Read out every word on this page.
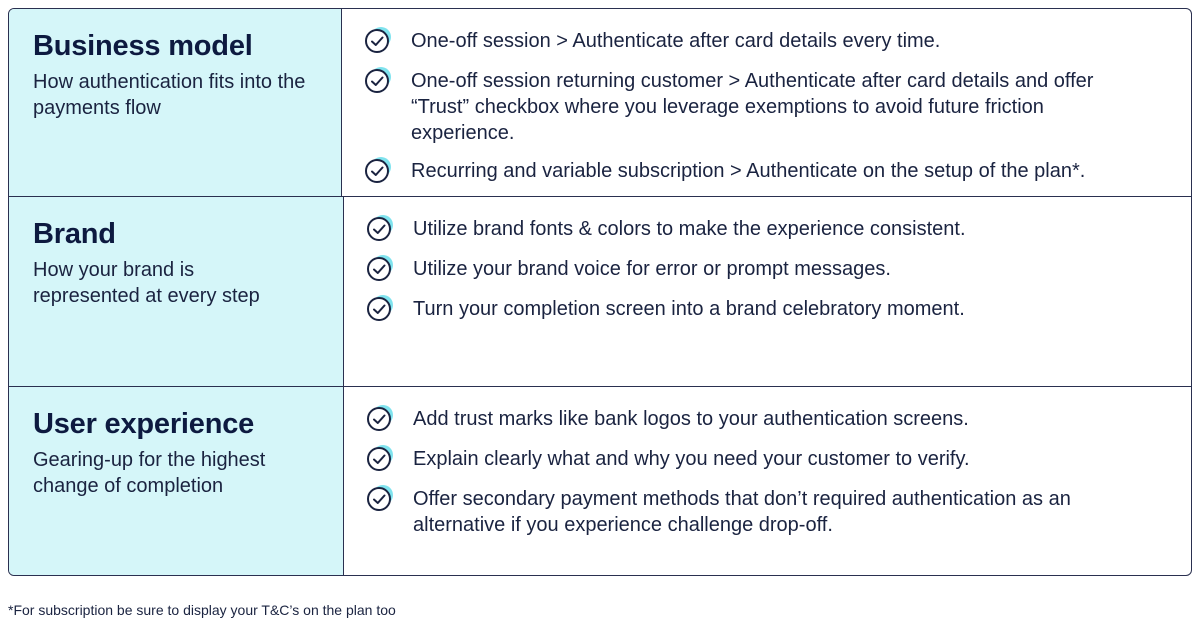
Business model

How authentication fits into the payments flow

One-off session > Authenticate after card details every time.
One-off session returning customer > Authenticate after card details and offer “Trust” checkbox where you leverage exemptions to avoid future friction experience.
Recurring and variable subscription > Authenticate on the setup of the plan*.
Brand

How your brand is represented at every step

Utilize brand fonts & colors to make the experience consistent.
Utilize your brand voice for error or prompt messages.
Turn your completion screen into a brand celebratory moment.
User experience

Gearing-up for the highest change of completion

Add trust marks like bank logos to your authentication screens.
Explain clearly what and why you need your customer to verify.
Offer secondary payment methods that don’t required authentication as an alternative if you experience challenge drop-off.
*For subscription be sure to display your T&C’s on the plan too
